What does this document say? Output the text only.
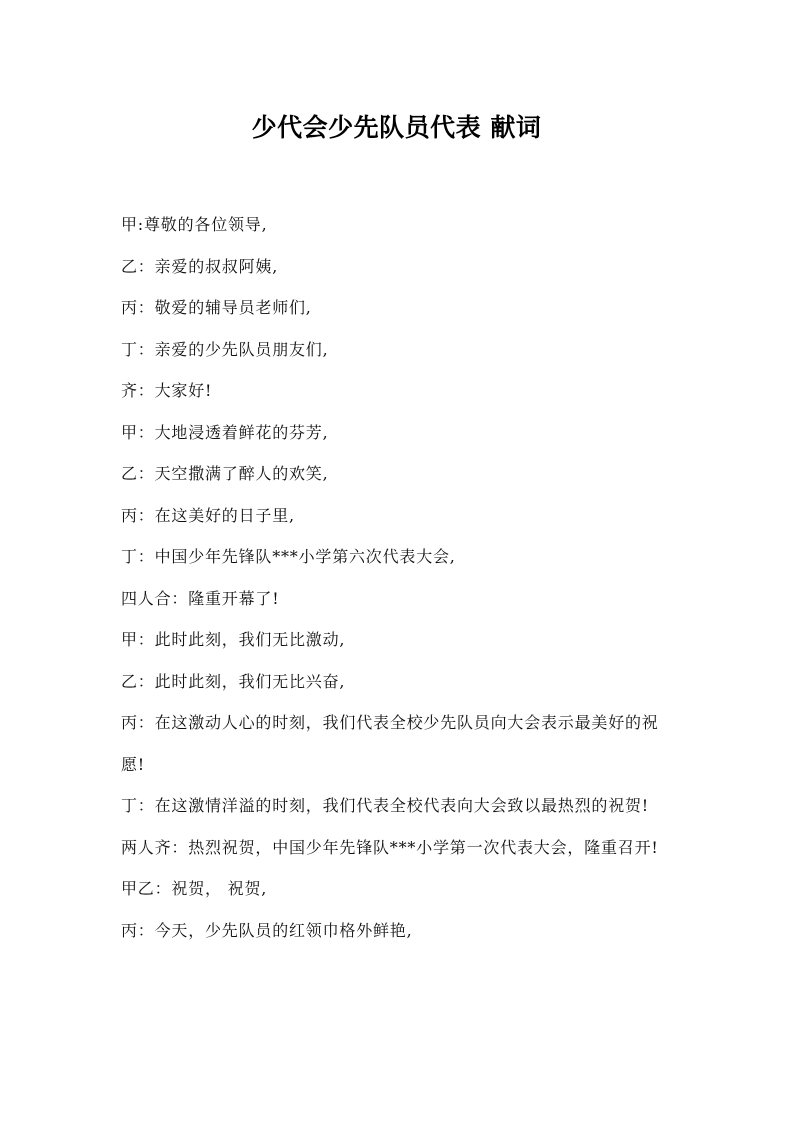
少代会少先队员代表 献词

甲:尊敬的各位领导,

乙：亲爱的叔叔阿姨,

丙：敬爱的辅导员老师们,

丁：亲爱的少先队员朋友们,

齐：大家好!

甲：大地浸透着鲜花的芬芳,

乙：天空撒满了醉人的欢笑,

丙：在这美好的日子里,

丁：中国少年先锋队***小学第六次代表大会,

四人合：隆重开幕了!

甲：此时此刻，我们无比激动,

乙：此时此刻，我们无比兴奋,

丙：在这激动人心的时刻，我们代表全校少先队员向大会表示最美好的祝愿!

丁：在这激情洋溢的时刻，我们代表全校代表向大会致以最热烈的祝贺!

两人齐：热烈祝贺，中国少年先锋队***小学第一次代表大会，隆重召开!

甲乙：祝贺， 祝贺,

丙：今天，少先队员的红领巾格外鲜艳,
